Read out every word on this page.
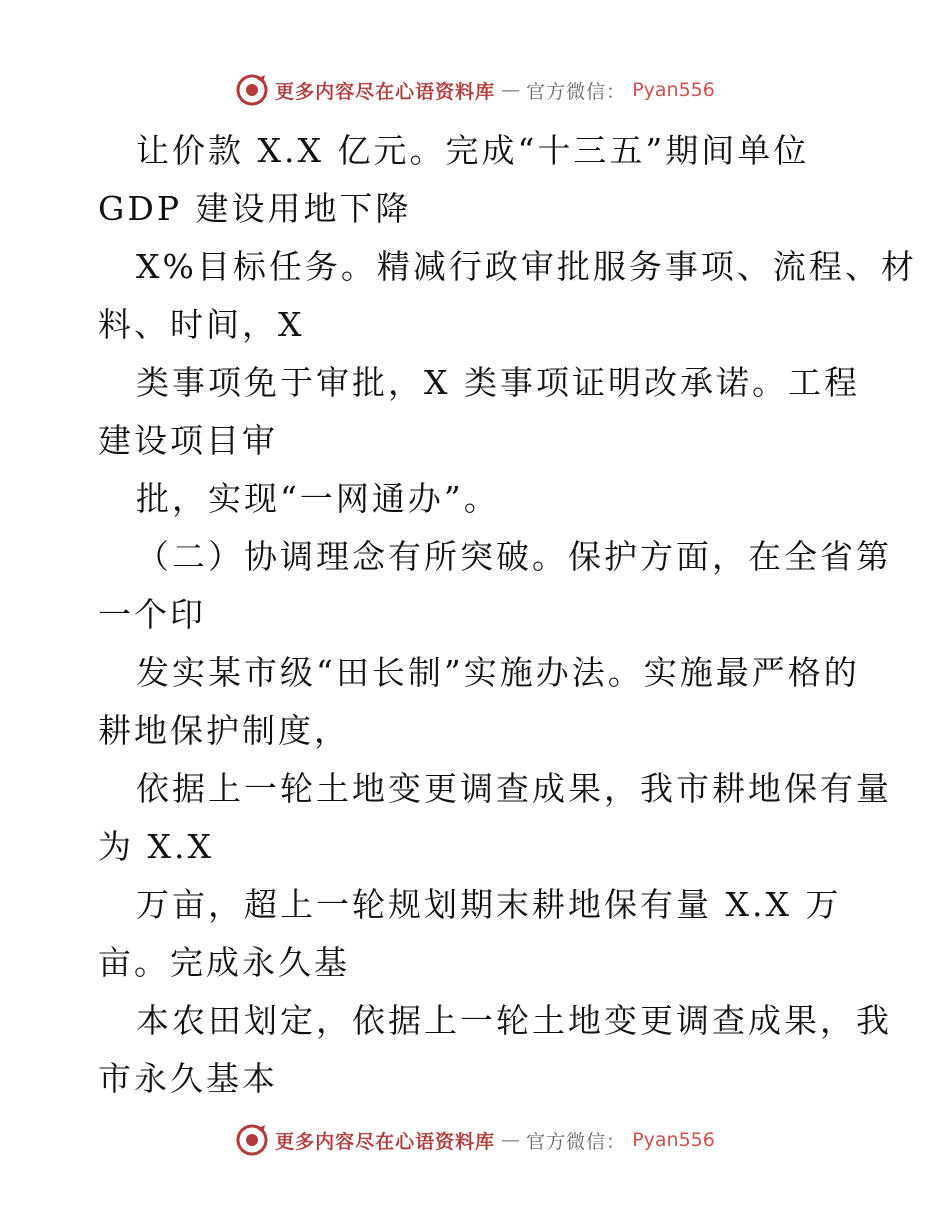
更多内容尽在心语资料库 — 官方微信： Pyan556
让价款 X.X 亿元。完成“十三五”期间单位
GDP 建设用地下降
X%目标任务。精减行政审批服务事项、流程、材
料、时间，X
类事项免于审批，X 类事项证明改承诺。工程
建设项目审
批，实现“一网通办”。
（二）协调理念有所突破。保护方面，在全省第
一个印
发实某市级“田长制”实施办法。实施最严格的
耕地保护制度，
依据上一轮土地变更调查成果，我市耕地保有量
为 X.X
万亩，超上一轮规划期末耕地保有量 X.X 万
亩。完成永久基
本农田划定，依据上一轮土地变更调查成果，我
市永久基本
更多内容尽在心语资料库 — 官方微信： Pyan556
